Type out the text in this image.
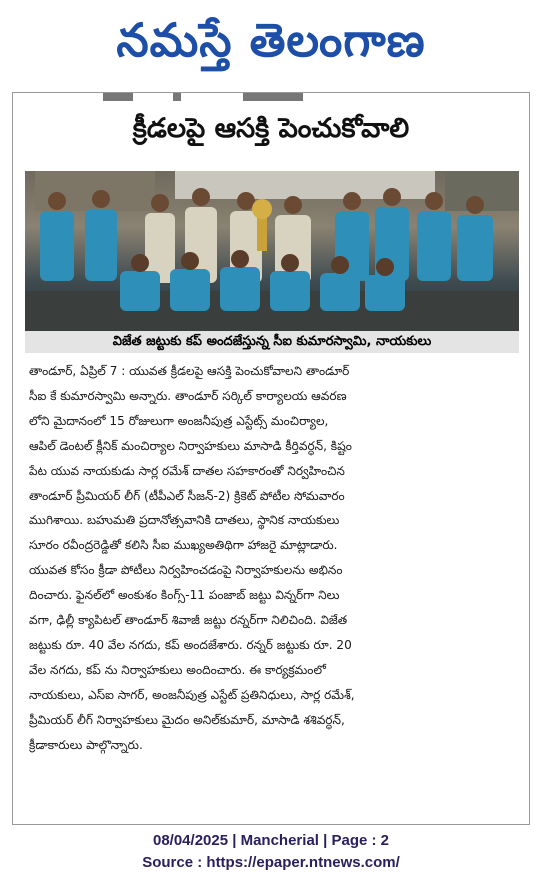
నమస్తే తెలంగాణ
క్రీడలపై ఆసక్తి పెంచుకోవాలి
విజేత జట్టుకు కప్ అందజేస్తున్న సీఐ కుమారస్వామి, నాయకులు
తాండూర్, ఏప్రిల్ 7 : యువత క్రీడలపై ఆసక్తి పెంచుకోవాలని తాండూర్
సీఐ కే కుమారస్వామి అన్నారు. తాండూర్ సర్కిల్ కార్యాలయ ఆవరణ
లోని మైదానంలో 15 రోజులుగా అంజనీపుత్ర ఎస్టేట్స్ మంచిర్యాల,
ఆపిల్ డెంటల్ క్లీనిక్ మంచిర్యాల నిర్వాహకులు మాసాడి కీర్తివర్ధన్, కిష్టం
పేట యువ నాయకుడు సార్ల రమేశ్ దాతల సహకారంతో నిర్వహించిన
తాండూర్ ప్రీమియర్ లీగ్ (టీపీఎల్ సీజన్-2) క్రికెట్ పోటీల సోమవారం
ముగిశాయి. బహుమతి ప్రదానోత్సవానికి దాతలు, స్థానిక నాయకులు
సూరం రవీంద్రరెడ్డితో కలిసి సీఐ ముఖ్యఅతిథిగా హాజరై మాట్లాడారు.
యువత కోసం క్రీడా పోటీలు నిర్వహించడంపై నిర్వాహకులను అభినం
దించారు. ఫైనల్‌లో అంకుశం కింగ్స్-11 పంజాబ్ జట్టు విన్నర్‌గా నిలు
వగా, ఢిల్లీ క్యాపిటల్ తాండూర్ శివాజీ జట్టు రన్నర్‌గా నిలిచింది. విజేత
జట్టుకు రూ. 40 వేల నగదు, కప్ అందజేశారు. రన్నర్ జట్టుకు రూ. 20
వేల నగదు, కప్ ను నిర్వాహకులు అందించారు. ఈ కార్యక్రమంలో
నాయకులు, ఎస్ఐ సాగర్, అంజనీపుత్ర ఎస్టేట్ ప్రతినిధులు, సార్ల రమేశ్,
ప్రీమియర్ లీగ్ నిర్వాహకులు మైదం అనిల్‌కుమార్, మాసాడి శశివర్ధన్,
క్రీడాకారులు పాల్గొన్నారు.
08/04/2025 | Mancherial | Page : 2
Source : https://epaper.ntnews.com/
